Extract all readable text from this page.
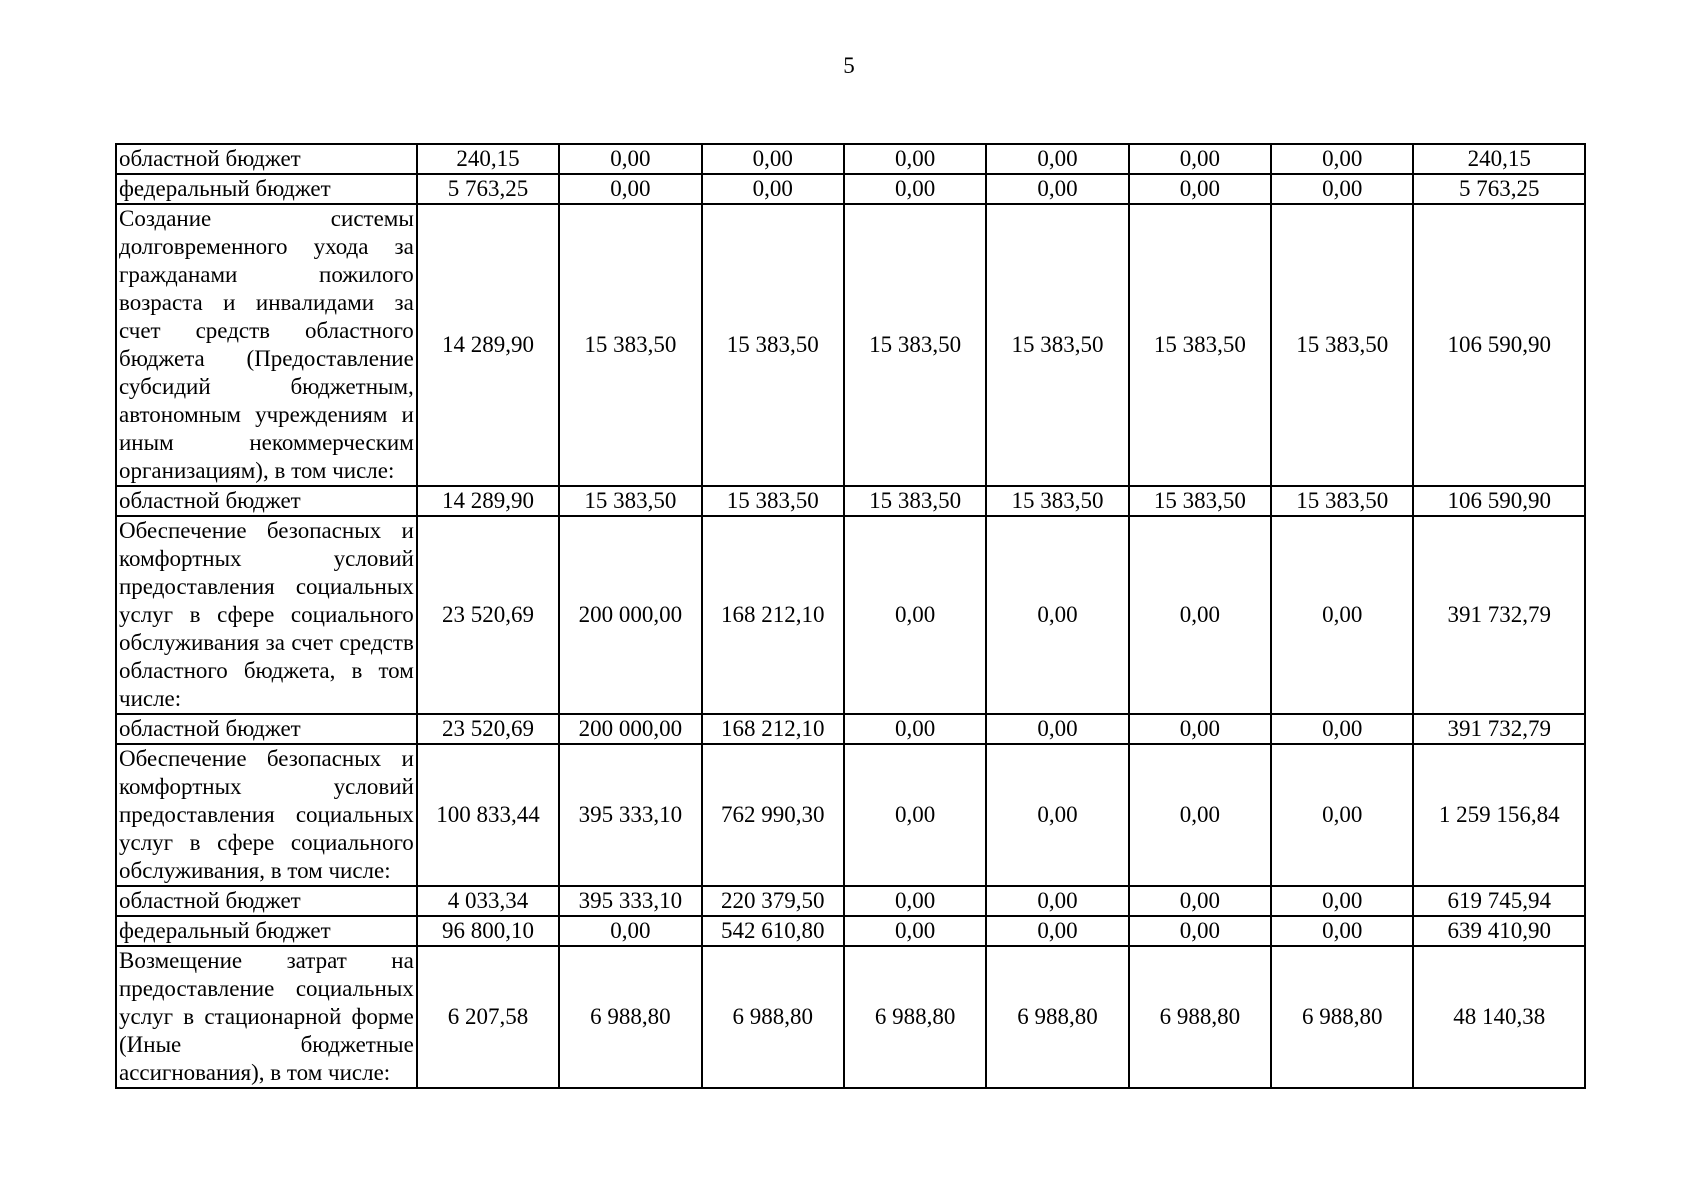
5
областной бюджет	240,15	0,00	0,00	0,00	0,00	0,00	0,00	240,15
федеральный бюджет	5 763,25	0,00	0,00	0,00	0,00	0,00	0,00	5 763,25
Создание системы долговременного ухода за гражданами пожилого возраста и инвалидами за счет средств областного бюджета (Предоставление субсидий бюджетным, автономным учреждениям и иным некоммерческим организациям), в том числе:	14 289,90	15 383,50	15 383,50	15 383,50	15 383,50	15 383,50	15 383,50	106 590,90
областной бюджет	14 289,90	15 383,50	15 383,50	15 383,50	15 383,50	15 383,50	15 383,50	106 590,90
Обеспечение безопасных и комфортных условий предоставления социальных услуг в сфере социального обслуживания за счет средств областного бюджета, в том числе:	23 520,69	200 000,00	168 212,10	0,00	0,00	0,00	0,00	391 732,79
областной бюджет	23 520,69	200 000,00	168 212,10	0,00	0,00	0,00	0,00	391 732,79
Обеспечение безопасных и комфортных условий предоставления социальных услуг в сфере социального обслуживания, в том числе:	100 833,44	395 333,10	762 990,30	0,00	0,00	0,00	0,00	1 259 156,84
областной бюджет	4 033,34	395 333,10	220 379,50	0,00	0,00	0,00	0,00	619 745,94
федеральный бюджет	96 800,10	0,00	542 610,80	0,00	0,00	0,00	0,00	639 410,90
Возмещение затрат на предоставление социальных услуг в стационарной форме (Иные бюджетные ассигнования), в том числе:	6 207,58	6 988,80	6 988,80	6 988,80	6 988,80	6 988,80	6 988,80	48 140,38
